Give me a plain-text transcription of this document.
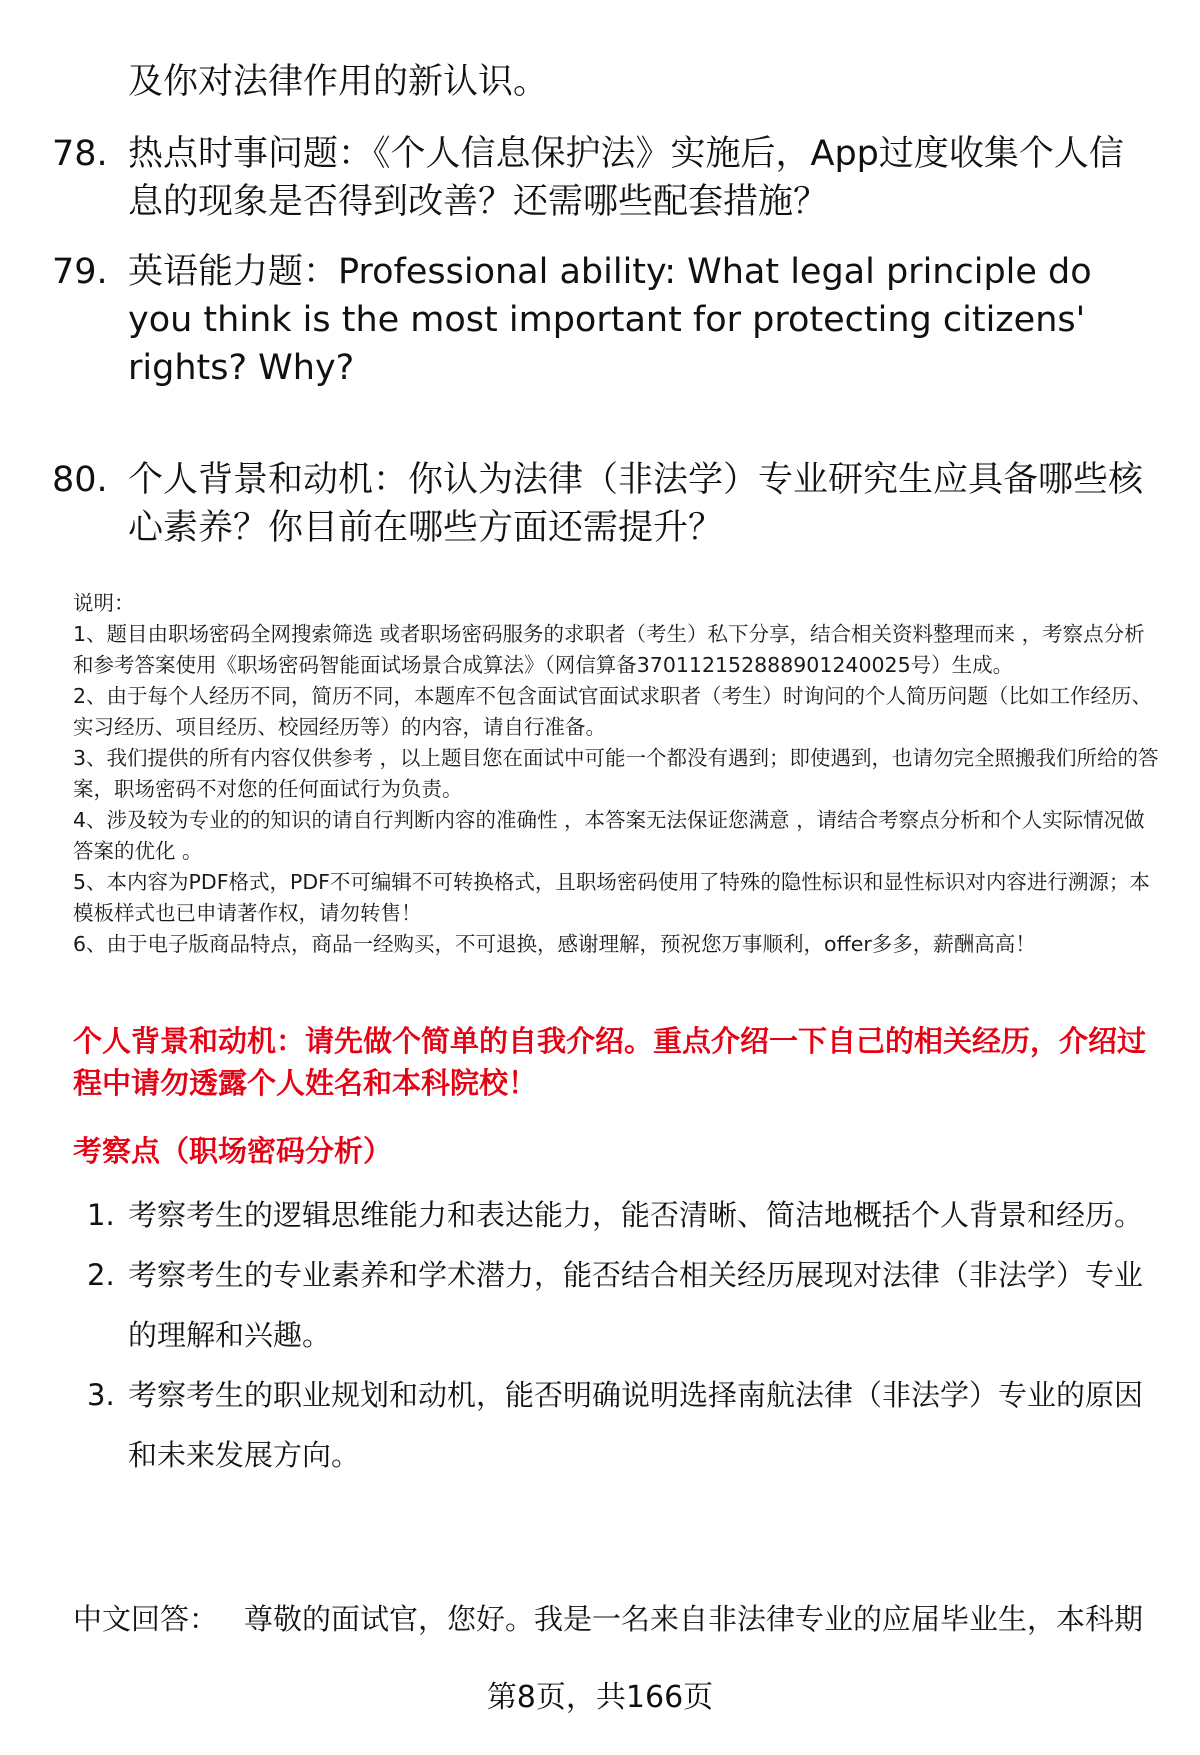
及你对法律作用的新认识。
78. 热点时事问题：《个人信息保护法》实施后，App过度收集个人信息的现象是否得到改善？还需哪些配套措施？
79. 英语能力题：Professional ability: What legal principle do you think is the most important for protecting citizens' rights? Why?
80. 个人背景和动机：你认为法律（非法学）专业研究生应具备哪些核心素养？你目前在哪些方面还需提升？

说明：

1、题目由职场密码全网搜索筛选 或者职场密码服务的求职者（考生）私下分享，结合相关资料整理而来 ，考察点分析和参考答案使用《职场密码智能面试场景合成算法》（网信算备370112152888901240025号）生成。

2、由于每个人经历不同，简历不同，本题库不包含面试官面试求职者（考生）时询问的个人简历问题（比如工作经历、实习经历、项目经历、校园经历等）的内容，请自行准备。

3、我们提供的所有内容仅供参考 ，以上题目您在面试中可能一个都没有遇到；即使遇到，也请勿完全照搬我们所给的答案，职场密码不对您的任何面试行为负责。

4、涉及较为专业的的知识的请自行判断内容的准确性 ，本答案无法保证您满意 ，请结合考察点分析和个人实际情况做答案的优化 。

5、本内容为PDF格式，PDF不可编辑不可转换格式，且职场密码使用了特殊的隐性标识和显性标识对内容进行溯源；本模板样式也已申请著作权，请勿转售！

6、由于电子版商品特点，商品一经购买，不可退换，感谢理解，预祝您万事顺利，offer多多，薪酬高高！

个人背景和动机：请先做个简单的自我介绍。重点介绍一下自己的相关经历，介绍过程中请勿透露个人姓名和本科院校！
考察点（职场密码分析）
1. 考察考生的逻辑思维能力和表达能力，能否清晰、简洁地概括个人背景和经历。
2. 考察考生的专业素养和学术潜力，能否结合相关经历展现对法律（非法学）专业的理解和兴趣。
3. 考察考生的职业规划和动机，能否明确说明选择南航法律（非法学）专业的原因和未来发展方向。
中文回答： 尊敬的面试官，您好。我是一名来自非法律专业的应届毕业生，本科期
第8页，共166页
